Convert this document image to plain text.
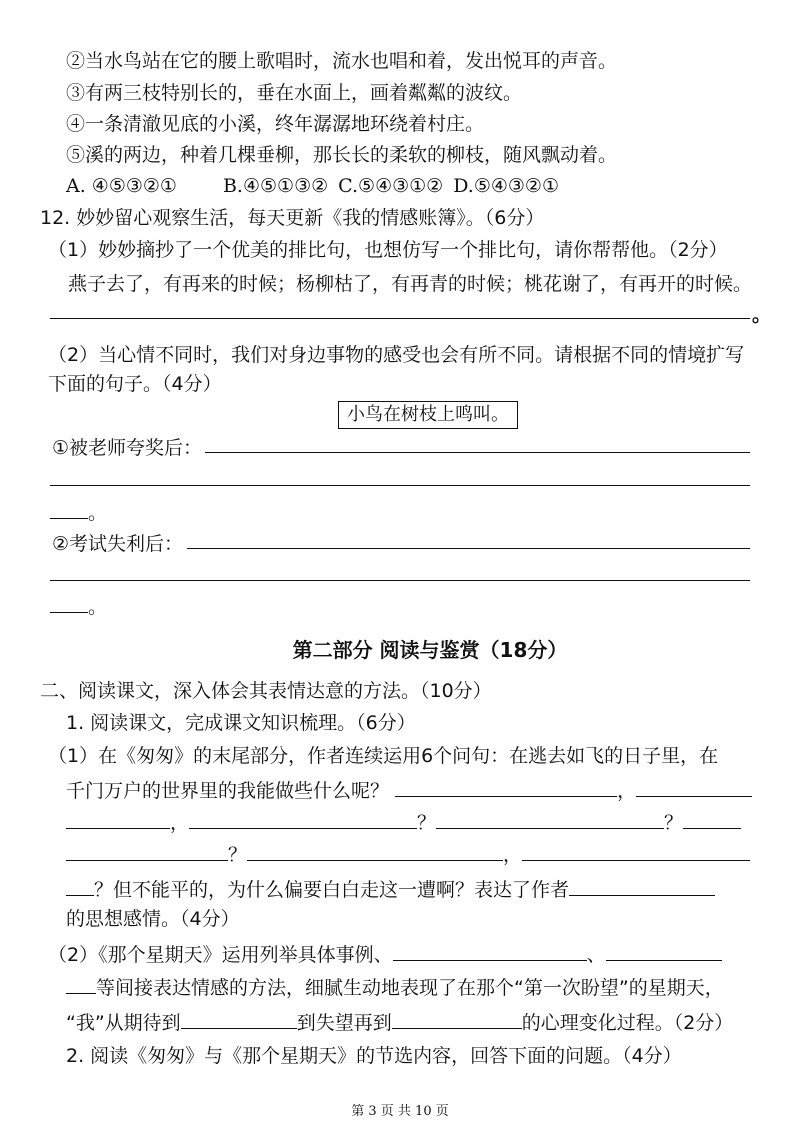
②当水鸟站在它的腰上歌唱时，流水也唱和着，发出悦耳的声音。
③有两三枝特别长的，垂在水面上，画着粼粼的波纹。
④一条清澈见底的小溪，终年潺潺地环绕着村庄。
⑤溪的两边，种着几棵垂柳，那长长的柔软的柳枝，随风飘动着。
A. ④⑤③②① B.④⑤①③② C.⑤④③①② D.⑤④③②①
12. 妙妙留心观察生活，每天更新《我的情感账簿》。（6分）
（1）妙妙摘抄了一个优美的排比句，也想仿写一个排比句，请你帮帮他。（2分）
燕子去了，有再来的时候；杨柳枯了，有再青的时候；桃花谢了，有再开的时候。
。
（2）当心情不同时，我们对身边事物的感受也会有所不同。请根据不同的情境扩写
下面的句子。（4分）
小鸟在树枝上鸣叫。
①被老师夸奖后：
。
②考试失利后：
。
第二部分 阅读与鉴赏（18分）
二、阅读课文，深入体会其表情达意的方法。（10分）
1. 阅读课文，完成课文知识梳理。（6分）
（1）在《匆匆》的末尾部分，作者连续运用6个问句：在逃去如飞的日子里，在
千门万户的世界里的我能做些什么呢？	，
，	？	？
？	，
？但不能平的，为什么偏要白白走这一遭啊？表达了作者
的思想感情。（4分）
（2）《那个星期天》运用列举具体事例、	、
等间接表达情感的方法，细腻生动地表现了在那个“第一次盼望”的星期天，
“我”从期待到	到失望再到	的心理变化过程。（2分）
2. 阅读《匆匆》与《那个星期天》的节选内容，回答下面的问题。（4分）
第 3 页 共 10 页
